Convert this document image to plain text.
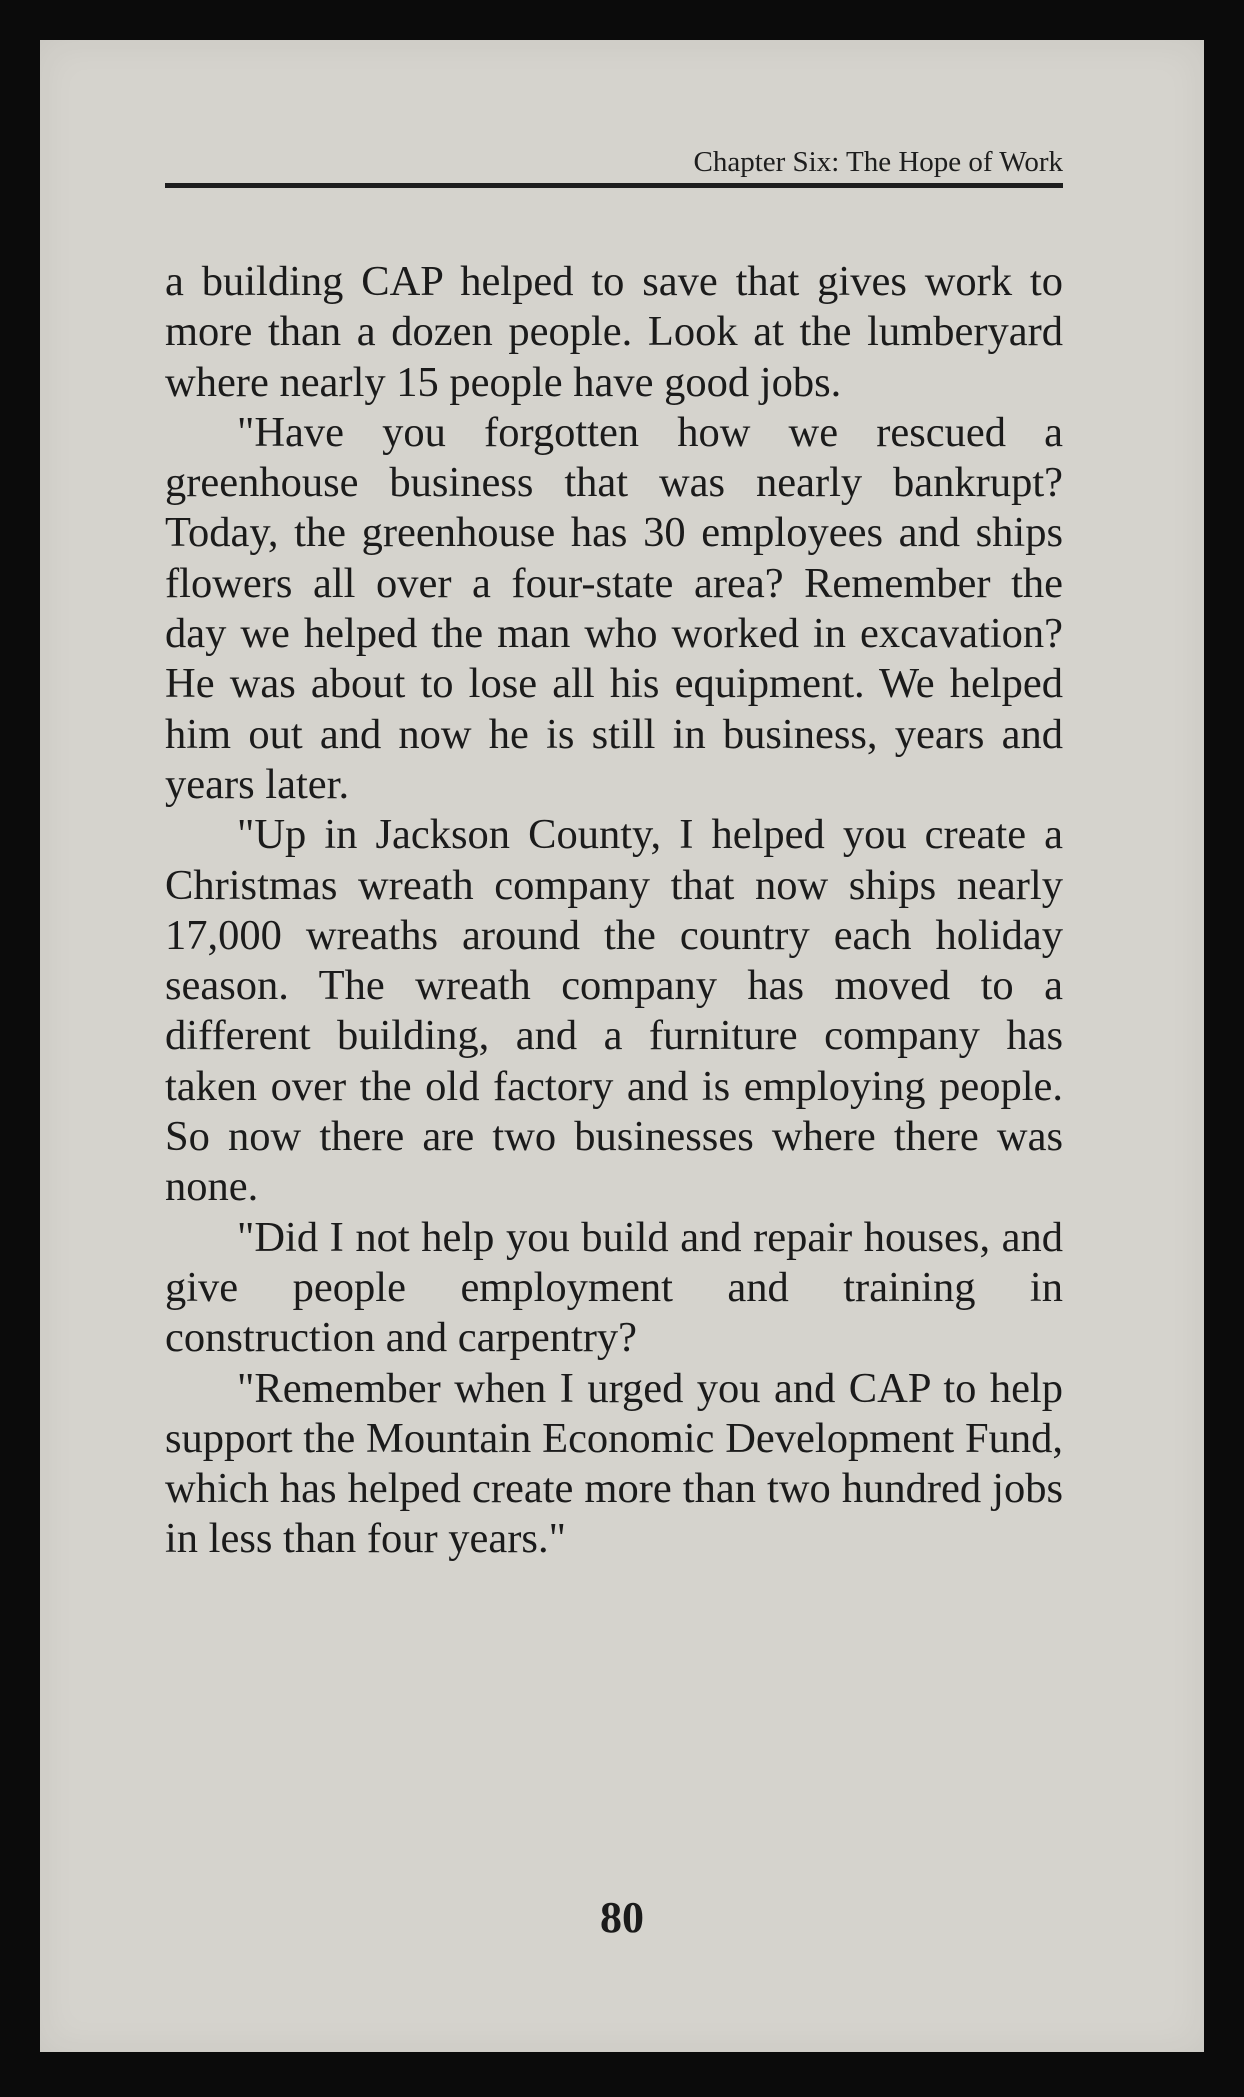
Chapter Six: The Hope of Work

a building CAP helped to save that gives work to more than a dozen people. Look at the lumberyard where nearly 15 people have good jobs.

"Have you forgotten how we rescued a greenhouse business that was nearly bankrupt? Today, the greenhouse has 30 employees and ships flowers all over a four-state area? Remember the day we helped the man who worked in excavation? He was about to lose all his equipment. We helped him out and now he is still in business, years and years later.

"Up in Jackson County, I helped you create a Christmas wreath company that now ships nearly 17,000 wreaths around the country each holiday season. The wreath company has moved to a different building, and a furniture company has taken over the old factory and is employing people. So now there are two businesses where there was none.

"Did I not help you build and repair houses, and give people employment and training in construction and carpentry?

"Remember when I urged you and CAP to help support the Mountain Economic Development Fund, which has helped create more than two hundred jobs in less than four years."

80
